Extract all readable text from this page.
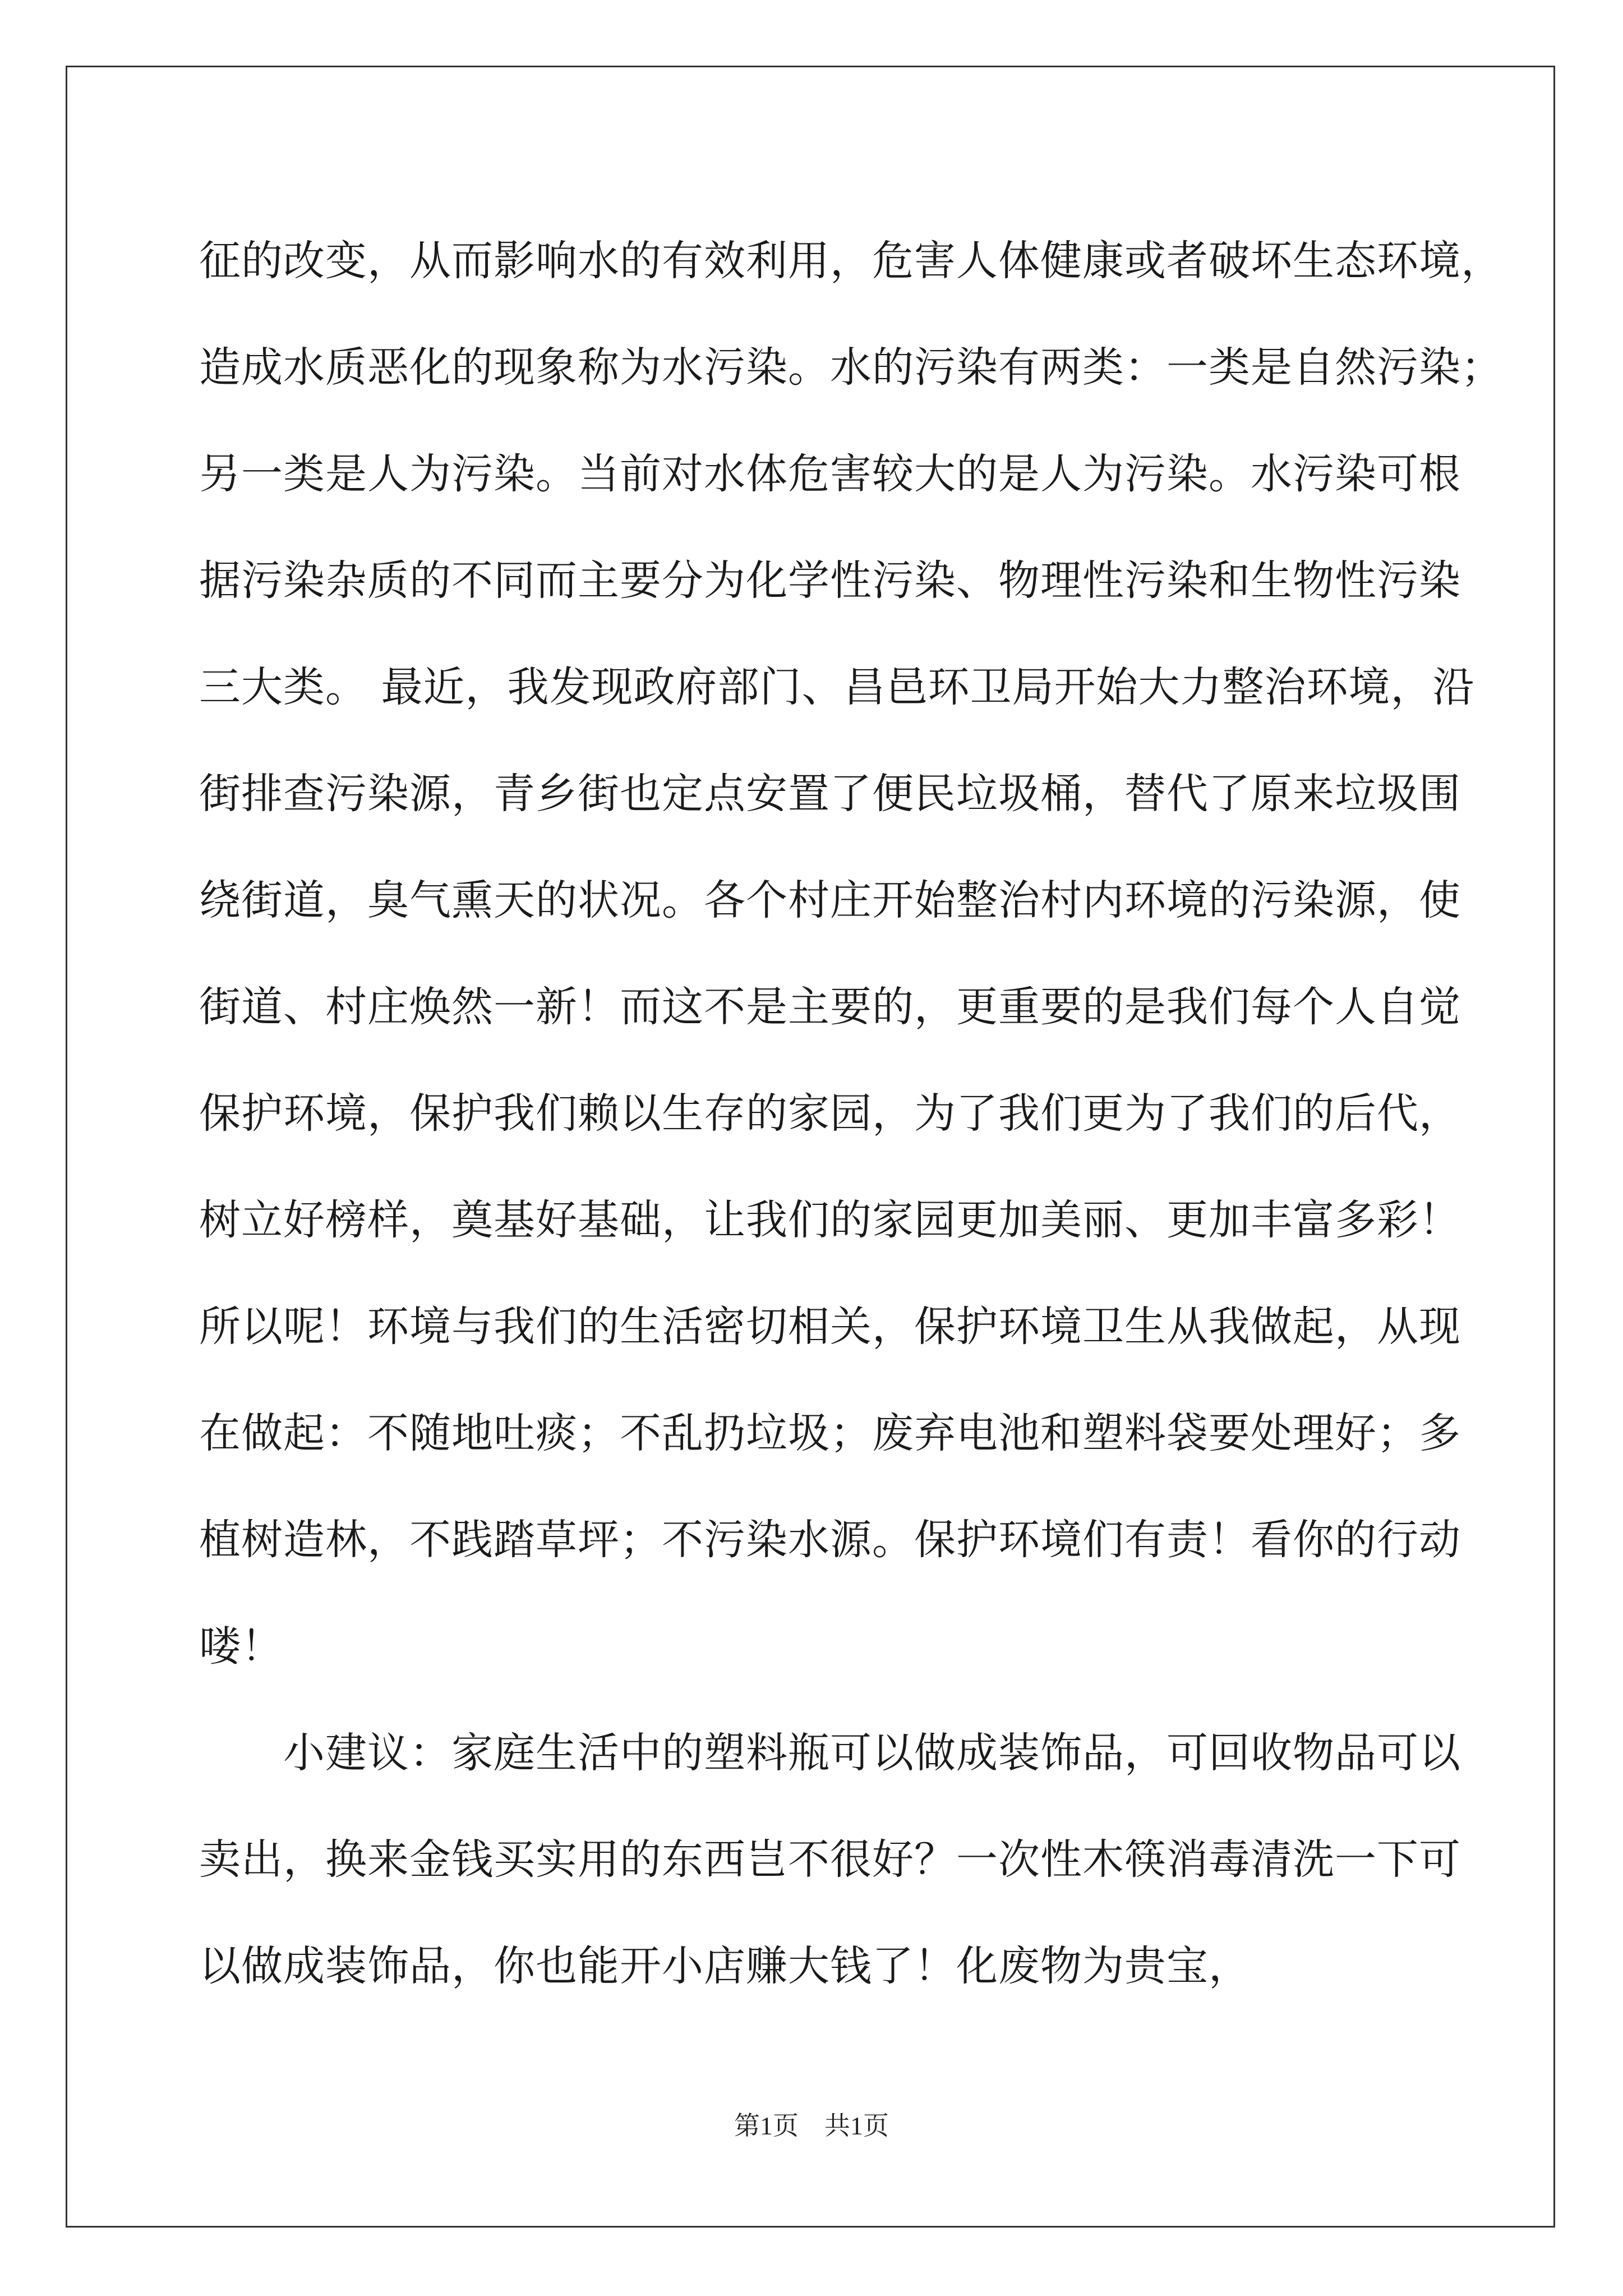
征的改变，从而影响水的有效利用，危害人体健康或者破坏生态环境，
造成水质恶化的现象称为水污染。水的污染有两类：一类是自然污染；
另一类是人为污染。当前对水体危害较大的是人为污染。水污染可根
据污染杂质的不同而主要分为化学性污染、物理性污染和生物性污染
三大类。 最近，我发现政府部门、昌邑环卫局开始大力整治环境，沿
街排查污染源，青乡街也定点安置了便民垃圾桶，替代了原来垃圾围
绕街道，臭气熏天的状况。各个村庄开始整治村内环境的污染源，使
街道、村庄焕然一新！而这不是主要的，更重要的是我们每个人自觉
保护环境，保护我们赖以生存的家园，为了我们更为了我们的后代，
树立好榜样，奠基好基础，让我们的家园更加美丽、更加丰富多彩！
所以呢！环境与我们的生活密切相关，保护环境卫生从我做起，从现
在做起：不随地吐痰；不乱扔垃圾；废弃电池和塑料袋要处理好；多
植树造林，不践踏草坪；不污染水源。保护环境们有责！看你的行动
喽！
　　小建议：家庭生活中的塑料瓶可以做成装饰品，可回收物品可以
卖出，换来金钱买实用的东西岂不很好？一次性木筷消毒清洗一下可
以做成装饰品，你也能开小店赚大钱了！化废物为贵宝，
第1页　共1页
